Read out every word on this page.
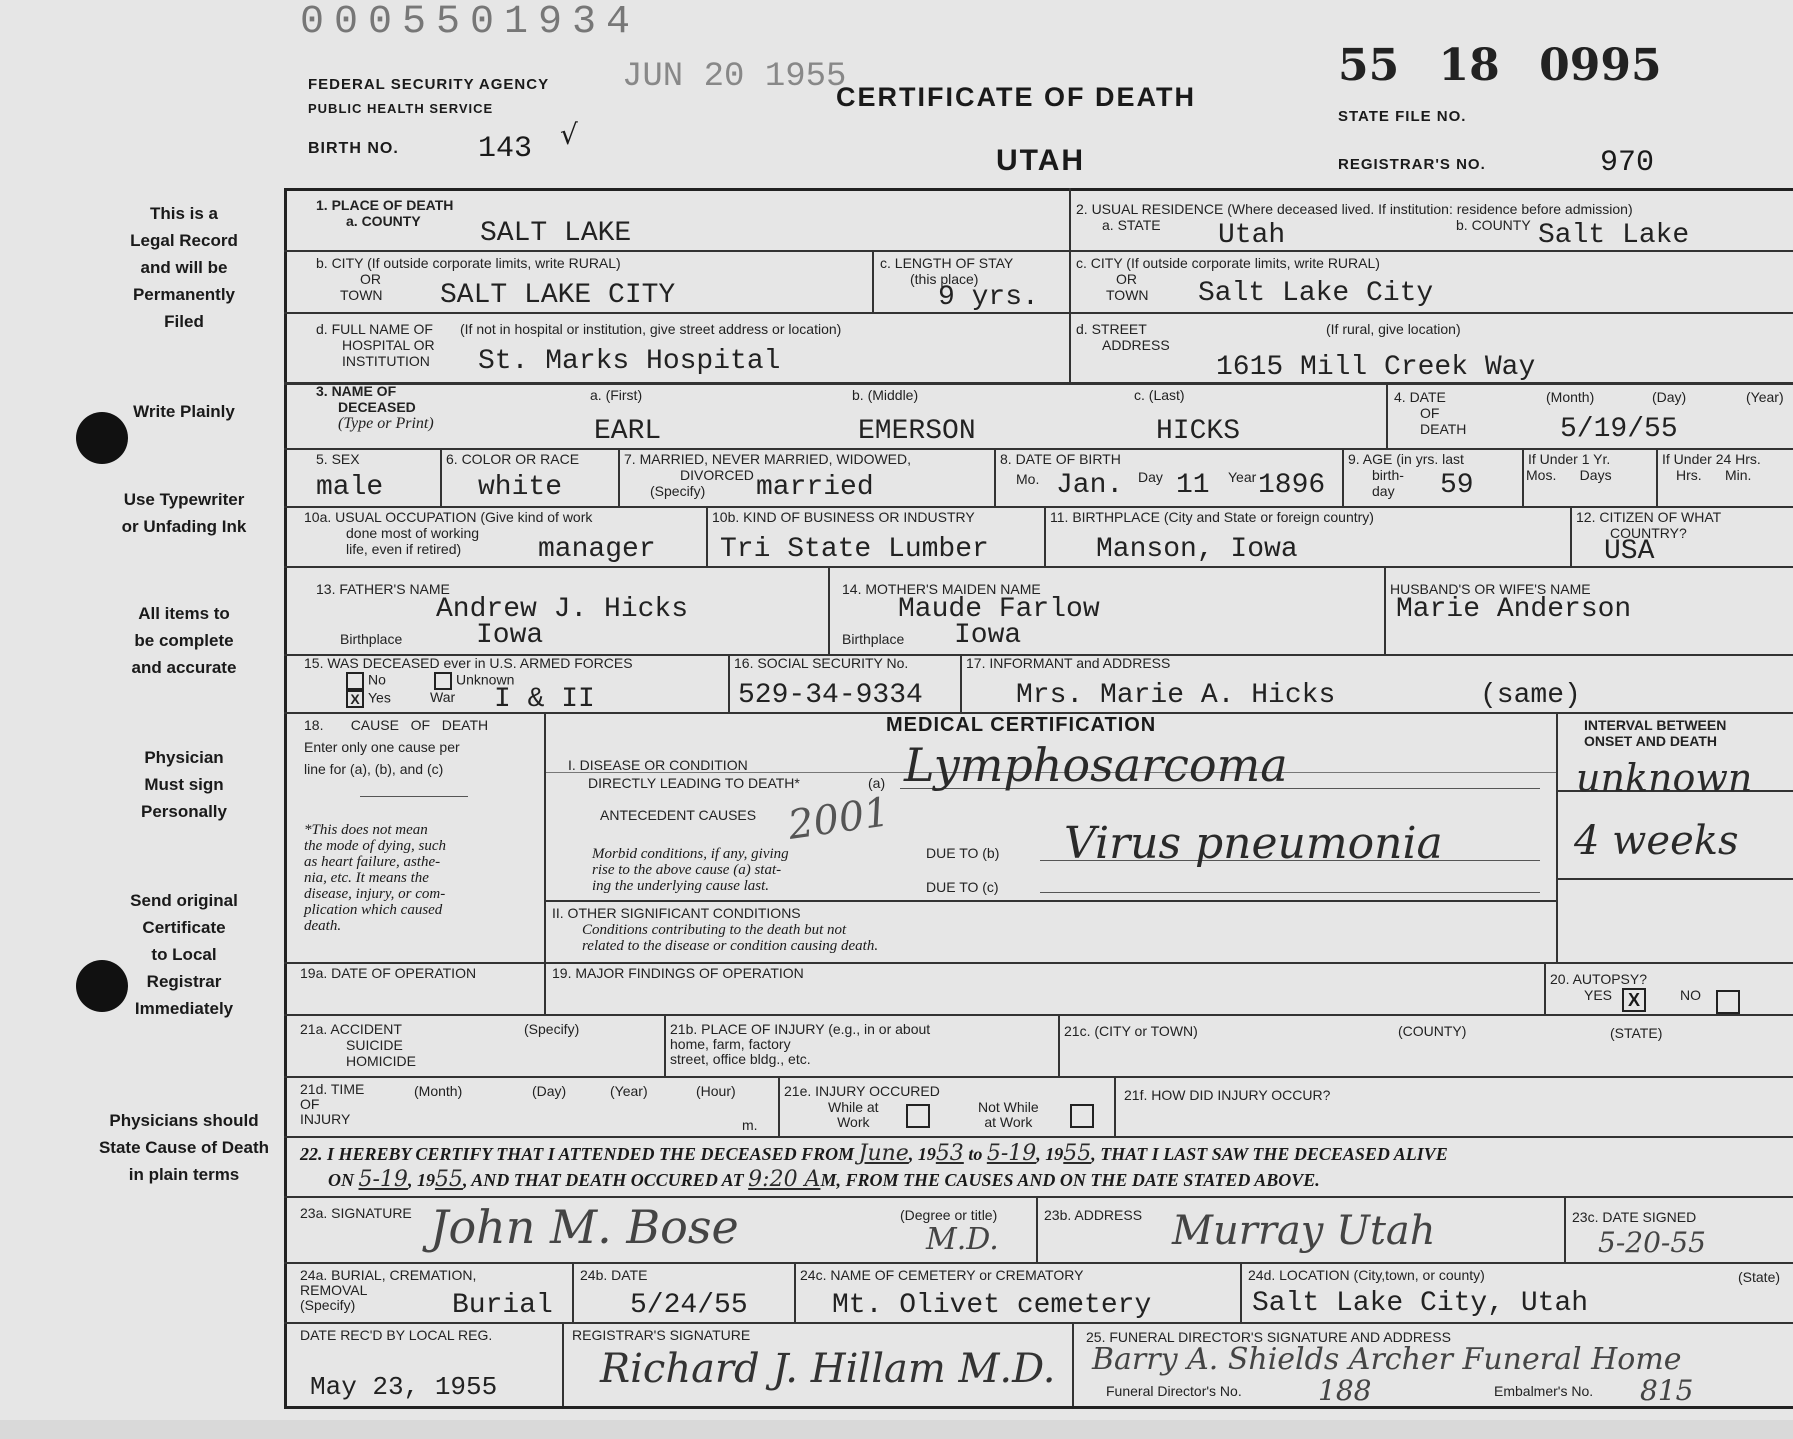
0005501934
FEDERAL SECURITY AGENCY
PUBLIC HEALTH SERVICE
JUN 20 1955
CERTIFICATE OF DEATH
UTAH
BIRTH NO.	143 √
55 18 0995
STATE FILE NO.
REGISTRAR'S NO.	970
This is a
Legal Record
and will be
Permanently
Filed
Write Plainly
Use Typewriter
or Unfading Ink
All items to
be complete
and accurate
Physician
Must sign
Personally
Send original
Certificate
to Local
Registrar
Immediately
Physicians should
State Cause of Death
in plain terms
1. PLACE OF DEATH
a. COUNTY SALT LAKE
2. USUAL RESIDENCE (Where deceased lived. If institution: residence before admission)
a. STATE Utah	b. COUNTY Salt Lake
b. CITY (If outside corporate limits, write RURAL)
OR
TOWN SALT LAKE CITY
c. LENGTH OF STAY
(this place)
9 yrs.
c. CITY (If outside corporate limits, write RURAL)
OR
TOWN Salt Lake City
d. FULL NAME OF
HOSPITAL OR
INSTITUTION
(If not in hospital or institution, give street address or location)
St. Marks Hospital
d. STREET
ADDRESS
(If rural, give location)
1615 Mill Creek Way
3. NAME OF
DECEASED
(Type or Print)
a. (First)	b. (Middle)	c. (Last)
EARL	EMERSON	HICKS
4. DATE
OF
DEATH
(Month)	(Day)	(Year)
5/19/55
5. SEX
male
6. COLOR OR RACE
white
7. MARRIED, NEVER MARRIED, WIDOWED,
DIVORCED
(Specify) married
8. DATE OF BIRTH
Mo. Jan. Day 11 Year 1896
9. AGE (in yrs. last
birth-
day 59
If Under 1 Yr.
Mos.      Days
If Under 24 Hrs.
Hrs.      Min.
10a. USUAL OCCUPATION (Give kind of work
done most of working
life, even if retired)	manager
10b. KIND OF BUSINESS OR INDUSTRY
Tri State Lumber
11. BIRTHPLACE (City and State or foreign country)
Manson, Iowa
12. CITIZEN OF WHAT
COUNTRY?
USA
13. FATHER'S NAME
Andrew J. Hicks
Birthplace	Iowa
14. MOTHER'S MAIDEN NAME
Maude Farlow
Birthplace Iowa
HUSBAND'S OR WIFE'S NAME
Marie Anderson
15. WAS DECEASED ever in U.S. ARMED FORCES
No	Unknown
X Yes	War I & II
16. SOCIAL SECURITY No.
529-34-9334
17. INFORMANT and ADDRESS
Mrs. Marie A. Hicks	(same)
18.       CAUSE   OF   DEATH
Enter only one cause per
line for (a), (b), and (c)
*This does not mean
the mode of dying, such
as heart failure, asthe-
nia, etc. It means the
disease, injury, or com-
plication which caused
death.
MEDICAL CERTIFICATION	INTERVAL BETWEEN
ONSET AND DEATH
I. DISEASE OR CONDITION
DIRECTLY LEADING TO DEATH*	(a) Lymphosarcoma	unknown
ANTECEDENT CAUSES 2001
Morbid conditions, if any, giving
rise to the above cause (a) stat-
ing the underlying cause last.
DUE TO (b) Virus pneumonia	4 weeks
DUE TO (c)
II. OTHER SIGNIFICANT CONDITIONS
Conditions contributing to the death but not
related to the disease or condition causing death.
19a. DATE OF OPERATION	19. MAJOR FINDINGS OF OPERATION	20. AUTOPSY?
YES X	NO
21a. ACCIDENT
SUICIDE
HOMICIDE
(Specify)	21b. PLACE OF INJURY (e.g., in or about
home, farm, factory
street, office bldg., etc.
21c. (CITY or TOWN)	(COUNTY)	(STATE)
21d. TIME
OF
INJURY
(Month)	(Day)	(Year)	(Hour)
m.
21e. INJURY OCCURED
While at
Work
Not While
at Work
21f. HOW DID INJURY OCCUR?
22. I HEREBY CERTIFY THAT I ATTENDED THE DECEASED FROM June, 1953 to 5-19, 1955, THAT I LAST SAW THE DECEASED ALIVE
ON 5-19, 1955, AND THAT DEATH OCCURED AT 9:20 AM, FROM THE CAUSES AND ON THE DATE STATED ABOVE.
23a. SIGNATURE John M. Bose	(Degree or title)
M.D.
23b. ADDRESS Murray Utah	23c. DATE SIGNED
5-20-55
24a. BURIAL, CREMATION,
REMOVAL
(Specify)	Burial
24b. DATE
5/24/55
24c. NAME OF CEMETERY or CREMATORY
Mt. Olivet cemetery
24d. LOCATION (City,town, or county)	(State)
Salt Lake City, Utah
DATE REC'D BY LOCAL REG.
May 23, 1955
REGISTRAR'S SIGNATURE
Richard J. Hillam M.D.
25. FUNERAL DIRECTOR'S SIGNATURE AND ADDRESS
Barry A. Shields Archer Funeral Home
Funeral Director's No.	188	Embalmer's No. 815
